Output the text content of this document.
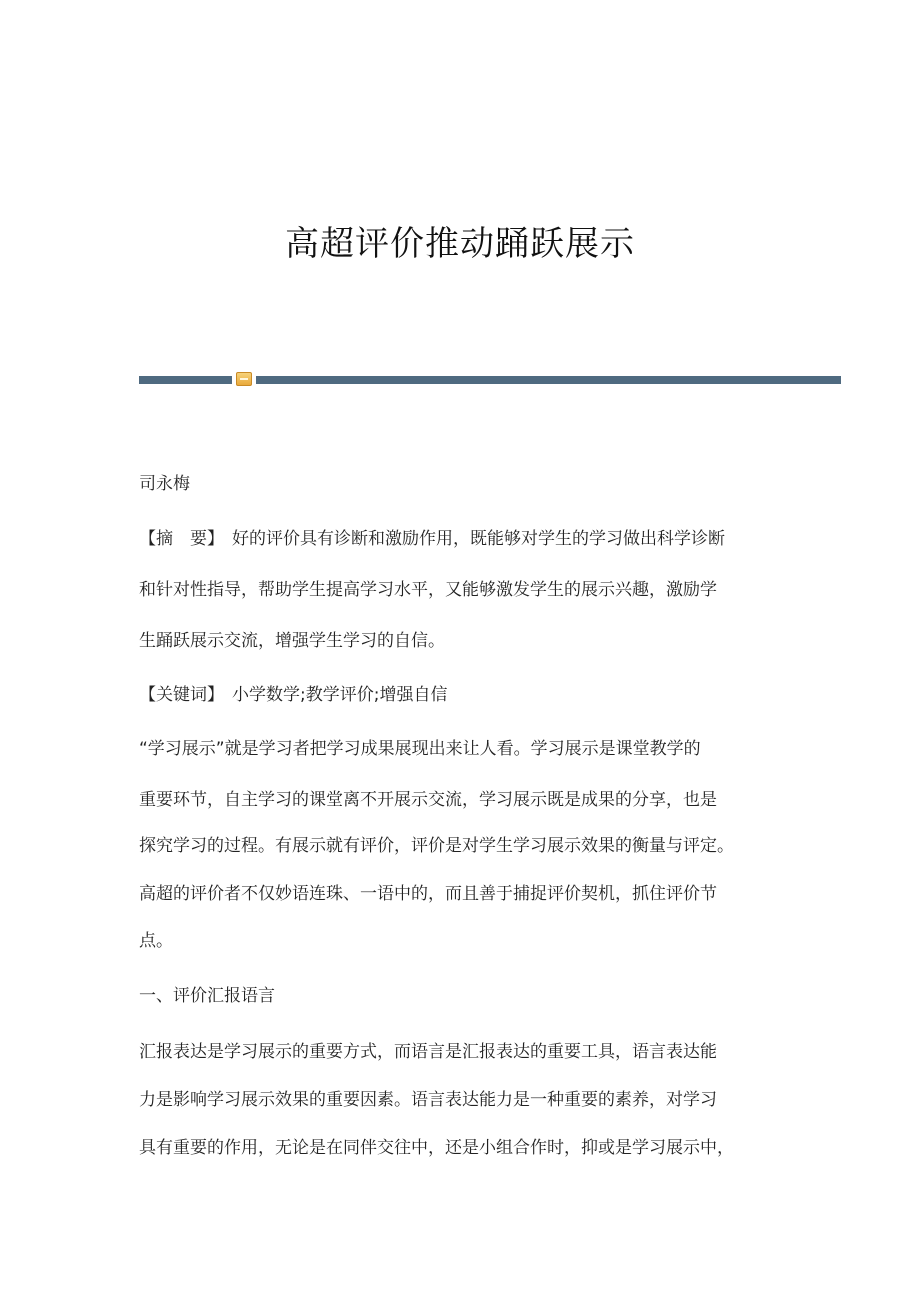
高超评价推动踊跃展示
司永梅
【摘　要】 好的评价具有诊断和激励作用，既能够对学生的学习做出科学诊断
和针对性指导，帮助学生提高学习水平，又能够激发学生的展示兴趣，激励学
生踊跃展示交流，增强学生学习的自信。
【关键词】 小学数学;教学评价;增强自信
“学习展示”就是学习者把学习成果展现出来让人看。学习展示是课堂教学的
重要环节，自主学习的课堂离不开展示交流，学习展示既是成果的分享，也是
探究学习的过程。有展示就有评价，评价是对学生学习展示效果的衡量与评定。
高超的评价者不仅妙语连珠、一语中的，而且善于捕捉评价契机，抓住评价节
点。
一、评价汇报语言
汇报表达是学习展示的重要方式，而语言是汇报表达的重要工具，语言表达能
力是影响学习展示效果的重要因素。语言表达能力是一种重要的素养，对学习
具有重要的作用，无论是在同伴交往中，还是小组合作时，抑或是学习展示中，
